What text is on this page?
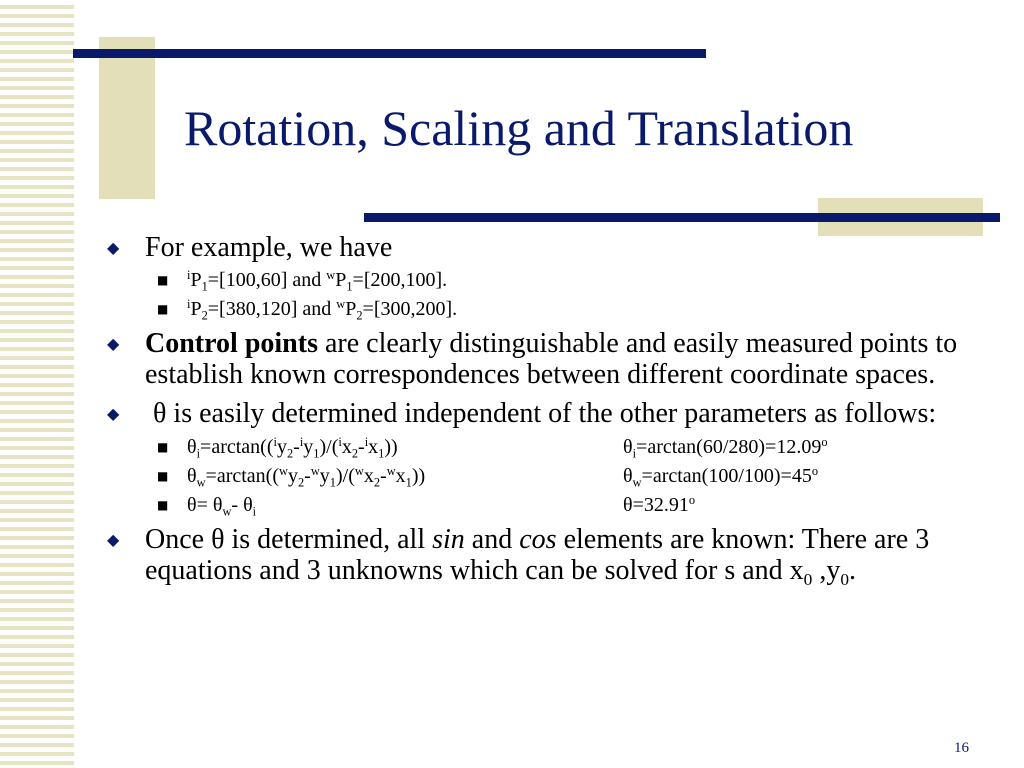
Rotation, Scaling and Translation
◆ For example, we have
■ $^iP_1=[100,60]$ and $^wP_1=[200,100]$.
■ $^iP_2=[380,120]$ and $^wP_2=[300,200]$.
◆ Control points are clearly distinguishable and easily measured points to establish known correspondences between different coordinate spaces.
◆ θ is easily determined independent of the other parameters as follows:
■ $\theta_i=\arctan((^iy_2-^iy_1)/(^ix_2-^ix_1))$	$\theta_i=\arctan(60/280)=12.09^o$
■ $\theta_w=\arctan((^wy_2-^wy_1)/(^wx_2-^wx_1))$	$\theta_w=\arctan(100/100)=45^o$
■ $\theta= \theta_w-$ $\theta_i$	$\theta=32.91^o$
◆ Once θ is determined, all sin and cos elements are known: There are 3 equations and 3 unknowns which can be solved for s and $x_0$ $,y_0$.
16
